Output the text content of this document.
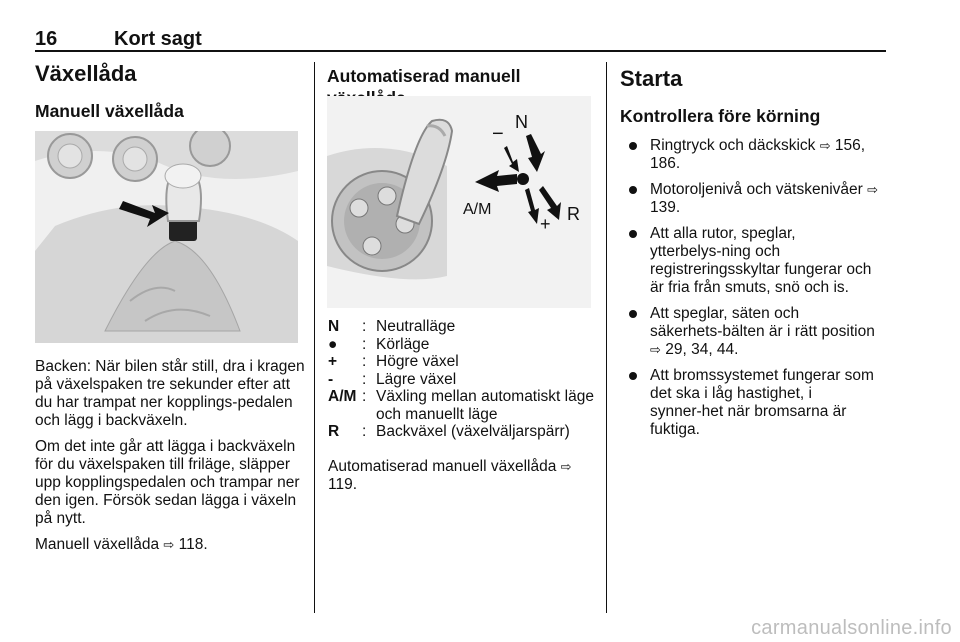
16	Kort sagt
Växellåda
Manuell växellåda

Backen: När bilen står still, dra i kragen på växelspaken tre sekunder efter att du har trampat ner kopplings‑pedalen och lägg i backväxeln.

Om det inte går att lägga i backväxeln för du växelspaken till friläge, släpper upp kopplingspedalen och trampar ner den igen. Försök sedan lägga i växeln på nytt.

Manuell växellåda ⇨ 118.

Automatiserad manuell
N
−
A/M
+ R
N	: Neutralläge
●	: Körläge
+	: Högre växel
-	: Lägre växel
A/M : Växling mellan automatiskt läge och manuellt läge
R	: Backväxel (växelväljarspärr)

Automatiserad manuell växellåda ⇨ 119.

Starta
Kontrollera före körning
Ringtryck och däckskick ⇨ 156, 186.
Motoroljenivå och vätskenivåer ⇨ 139.
Att alla rutor, speglar, ytterbelys‑ning och registreringsskyltar fungerar och är fria från smuts, snö och is.
Att speglar, säten och säkerhets‑bälten är i rätt position ⇨ 29, 34, 44.
Att bromssystemet fungerar som det ska i låg hastighet, i synner‑het när bromsarna är fuktiga.
carmanualsonline.info
